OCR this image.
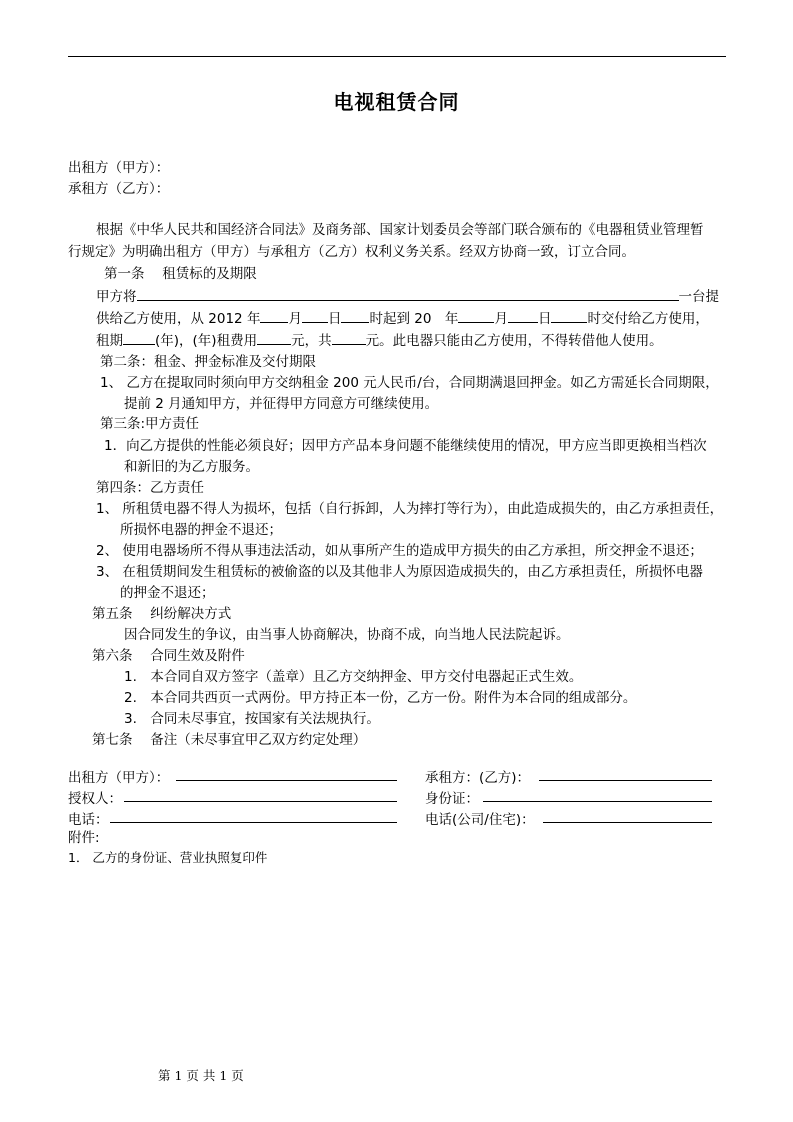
电视租赁合同
出租方（甲方）：
承租方（乙方）：
根据《中华人民共和国经济合同法》及商务部、国家计划委员会等部门联合颁布的《电器租赁业管理暂
行规定》为明确出租方（甲方）与承租方（乙方）权利义务关系。经双方协商一致，订立合同。
第一条　 租赁标的及期限
甲方将	一台提
供给乙方使用，从 2012 年 月 日 时起到 20　年	月 日	时交付给乙方使用，
租期 (年)，(年)租费用	元，共	元。此电器只能由乙方使用，不得转借他人使用。
第二条：租金、押金标准及交付期限
1、 乙方在提取同时须向甲方交纳租金 200 元人民币/台，合同期满退回押金。如乙方需延长合同期限，
提前 2 月通知甲方，并征得甲方同意方可继续使用。
第三条:甲方责任
1．向乙方提供的性能必须良好；因甲方产品本身问题不能继续使用的情况，甲方应当即更换相当档次
和新旧的为乙方服务。
第四条：乙方责任
1、 所租赁电器不得人为损坏，包括（自行拆卸，人为摔打等行为），由此造成损失的，由乙方承担责任，
所损怀电器的押金不退还；
2、 使用电器场所不得从事违法活动，如从事所产生的造成甲方损失的由乙方承担，所交押金不退还；
3、 在租赁期间发生租赁标的被偷盗的以及其他非人为原因造成损失的，由乙方承担责任，所损怀电器
的押金不退还；
第五条　 纠纷解决方式
因合同发生的争议，由当事人协商解决，协商不成，向当地人民法院起诉。
第六条　 合同生效及附件
1.　本合同自双方签字（盖章）且乙方交纳押金、甲方交付电器起正式生效。
2.　本合同共西页一式两份。甲方持正本一份，乙方一份。附件为本合同的组成部分。
3.　合同未尽事宜，按国家有关法规执行。
第七条　 备注（未尽事宜甲乙双方约定处理）
出租方（甲方）：	承租方：(乙方)：
授权人：	身份证：
电话：	电话(公司/住宅)：
附件:
1． 乙方的身份证、营业执照复印件
第 1 页 共 1 页
